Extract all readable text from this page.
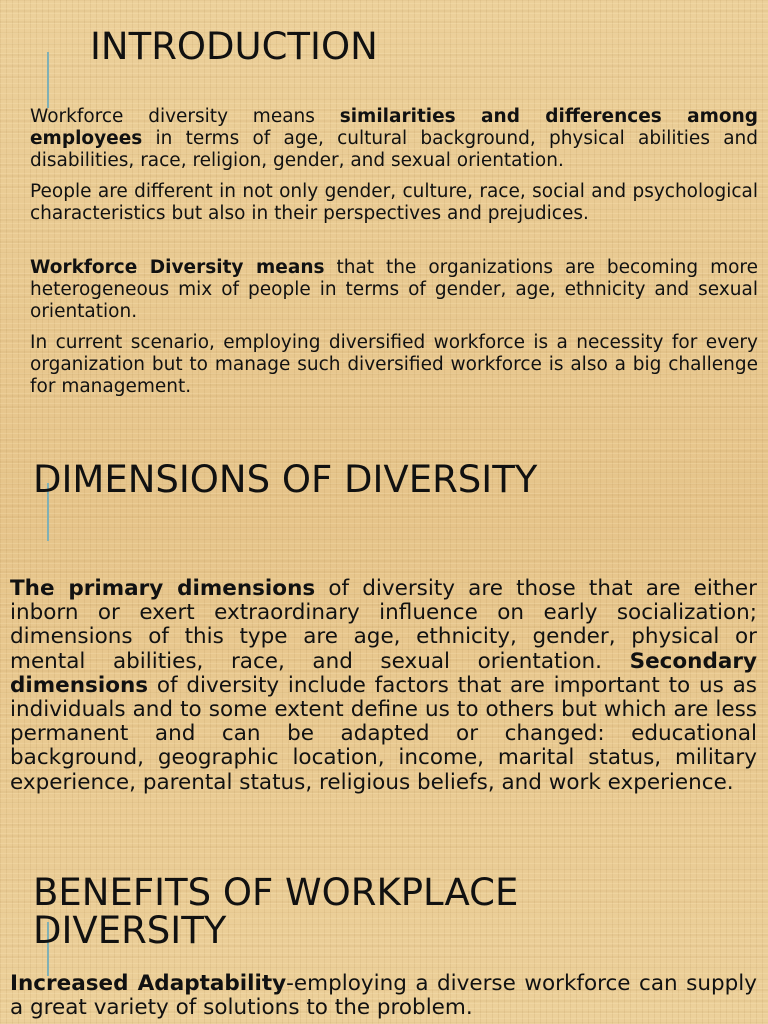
INTRODUCTION

Workforce diversity means similarities and differences among employees in terms of age, cultural background, physical abilities and disabilities, race, religion, gender, and sexual orientation.

People are different in not only gender, culture, race, social and psychological characteristics but also in their perspectives and prejudices.

Workforce Diversity means that the organizations are becoming more heterogeneous mix of people in terms of gender, age, ethnicity and sexual orientation.

In current scenario, employing diversified workforce is a necessity for every organization but to manage such diversified workforce is also a big challenge for management.

DIMENSIONS OF DIVERSITY

The primary dimensions of diversity are those that are either inborn or exert extraordinary influence on early socialization; dimensions of this type are age, ethnicity, gender, physical or mental abilities, race, and sexual orientation. Secondary dimensions of diversity include factors that are important to us as individuals and to some extent define us to others but which are less permanent and can be adapted or changed: educational background, geographic location, income, marital status, military experience, parental status, religious beliefs, and work experience.

BENEFITS OF WORKPLACE
DIVERSITY

Increased Adaptability-employing a diverse workforce can supply a great variety of solutions to the problem.
